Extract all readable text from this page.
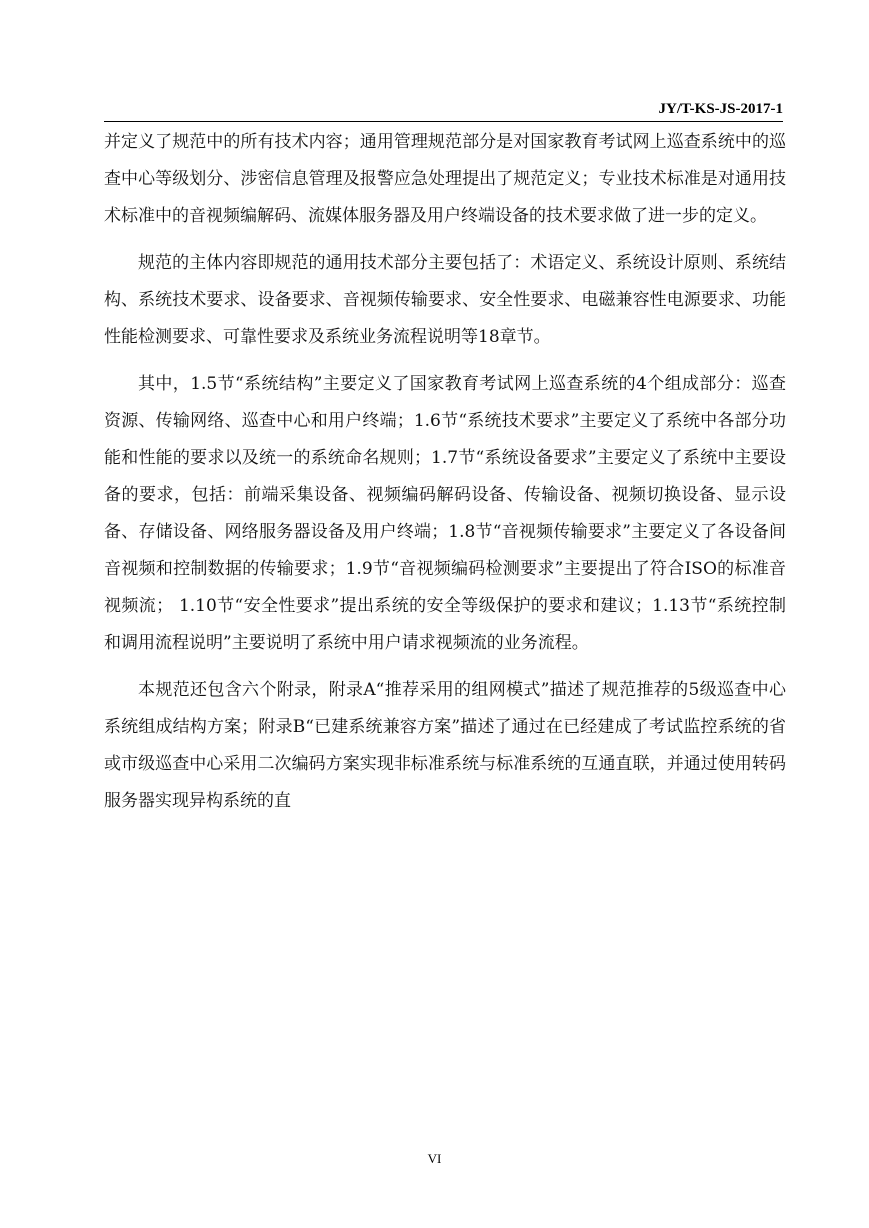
JY/T-KS-JS-2017-1

并定义了规范中的所有技术内容；通用管理规范部分是对国家教育考试网上巡查系统中的巡查中心等级划分、涉密信息管理及报警应急处理提出了规范定义；专业技术标准是对通用技术标准中的音视频编解码、流媒体服务器及用户终端设备的技术要求做了进一步的定义。

规范的主体内容即规范的通用技术部分主要包括了：术语定义、系统设计原则、系统结构、系统技术要求、设备要求、音视频传输要求、安全性要求、电磁兼容性电源要求、功能性能检测要求、可靠性要求及系统业务流程说明等18章节。

其中，1.5节“系统结构”主要定义了国家教育考试网上巡查系统的4个组成部分：巡查资源、传输网络、巡查中心和用户终端；1.6节“系统技术要求”主要定义了系统中各部分功能和性能的要求以及统一的系统命名规则；1.7节“系统设备要求”主要定义了系统中主要设备的要求，包括：前端采集设备、视频编码解码设备、传输设备、视频切换设备、显示设备、存储设备、网络服务器设备及用户终端；1.8节“音视频传输要求”主要定义了各设备间音视频和控制数据的传输要求；1.9节“音视频编码检测要求”主要提出了符合ISO的标准音视频流； 1.10节“安全性要求”提出系统的安全等级保护的要求和建议；1.13节“系统控制和调用流程说明”主要说明了系统中用户请求视频流的业务流程。

本规范还包含六个附录，附录A“推荐采用的组网模式”描述了规范推荐的5级巡查中心系统组成结构方案；附录B“已建系统兼容方案”描述了通过在已经建成了考试监控系统的省或市级巡查中心采用二次编码方案实现非标准系统与标准系统的互通直联，并通过使用转码服务器实现异构系统的直

VI
